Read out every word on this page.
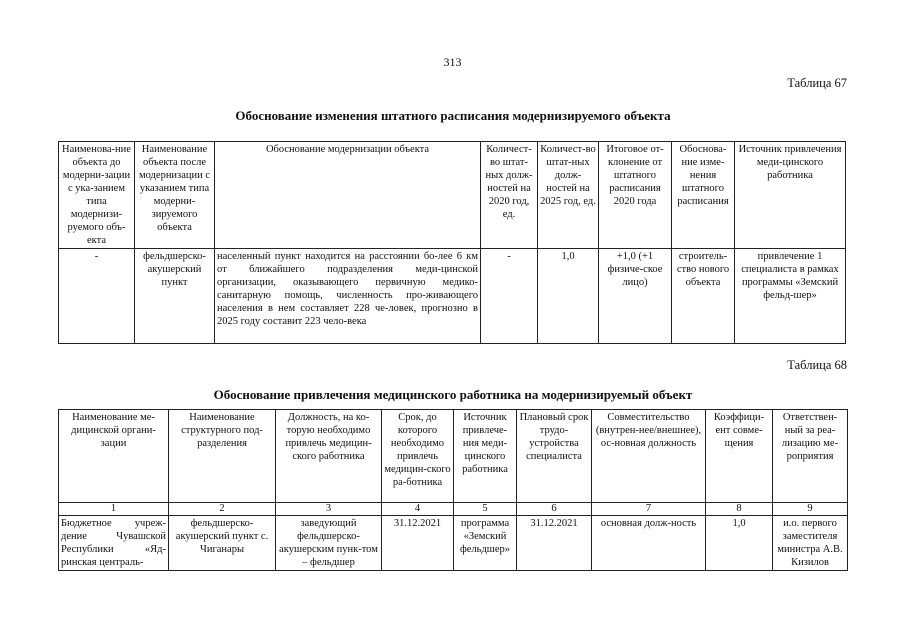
313
Таблица 67
Обоснование изменения штатного расписания модернизируемого объекта
Наименова-ние объекта до модерни-зации с ука-занием типа модернизи-руемого объ-екта	Наименование объекта после модернизации с указанием типа модерни-зируемого объекта	Обоснование модернизации объекта	Количест-во штат-ных долж-ностей на 2020 год, ед.	Количест-во штат-ных долж-ностей на 2025 год, ед.	Итоговое от-клонение от штатного расписания 2020 года	Обоснова-ние изме-нения штатного расписания	Источник привлечения меди-цинского работника
-	фельдшерско-акушерский пункт	населенный пункт находится на расстоянии бо-лее 6 км от ближайшего подразделения меди-цинской организации, оказывающего первичную медико-санитарную помощь, численность про-живающего населения в нем составляет 228 че-ловек, прогнозно в 2025 году составит 223 чело-века	-	1,0	+1,0 (+1 физиче-ское лицо)	строитель-ство нового объекта	привлечение 1 специалиста в рамках программы «Земский фельд-шер»
Таблица 68
Обоснование привлечения медицинского работника на модернизируемый объект
Наименование ме-дицинской органи-зации	Наименование структурного под-разделения	Должность, на ко-торую необходимо привлечь медицин-ского работника	Срок, до которого необходимо привлечь медицин-ского ра-ботника	Источник привлече-ния меди-цинского работника	Плановый срок трудо-устройства специалиста	Совместительство (внутрен-нее/внешнее), ос-новная должность	Коэффици-ент совме-щения	Ответствен-ный за реа-лизацию ме-роприятия
1	2	3	4	5	6	7	8	9
Бюджетное учреж-дение Чувашской Республики «Яд-ринская централь-	фельдшерско-акушерский пункт с. Чиганары	заведующий фельдшерско-акушерским пунк-том – фельдшер	31.12.2021	программа «Земский фельдшер»	31.12.2021	основная долж-ность	1,0	и.о. первого заместителя министра А.В. Кизилов
